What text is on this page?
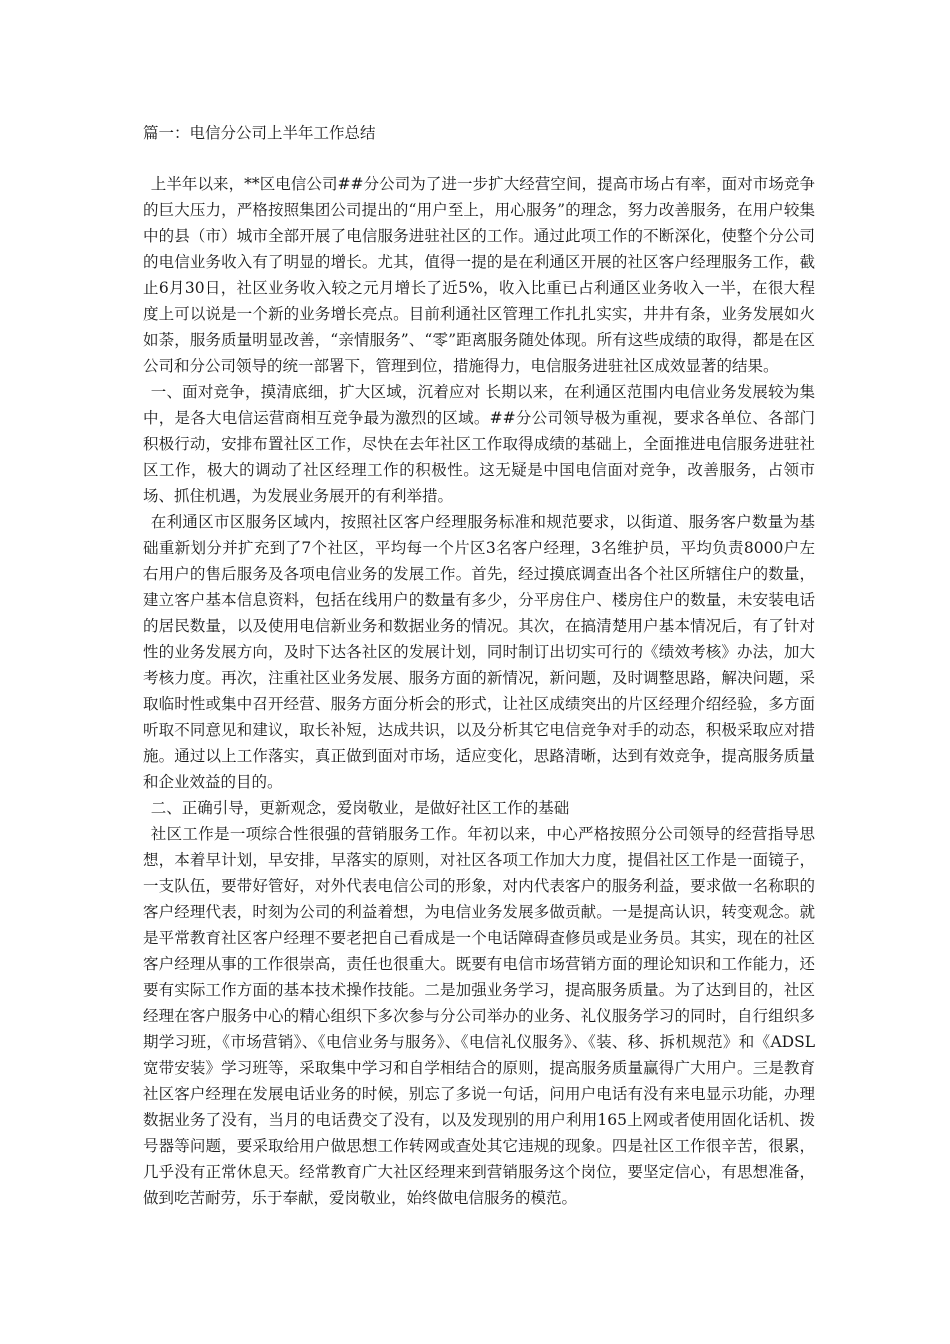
篇一：电信分公司上半年工作总结

上半年以来，**区电信公司##分公司为了进一步扩大经营空间，提高市场占有率，面对市场竞争的巨大压力，严格按照集团公司提出的“用户至上，用心服务”的理念，努力改善服务，在用户较集中的县（市）城市全部开展了电信服务进驻社区的工作。通过此项工作的不断深化，使整个分公司的电信业务收入有了明显的增长。尤其，值得一提的是在利通区开展的社区客户经理服务工作，截止6月30日，社区业务收入较之元月增长了近5%，收入比重已占利通区业务收入一半，在很大程度上可以说是一个新的业务增长亮点。目前利通社区管理工作扎扎实实，井井有条，业务发展如火如荼，服务质量明显改善，“亲情服务”、“零”距离服务随处体现。所有这些成绩的取得，都是在区公司和分公司领导的统一部署下，管理到位，措施得力，电信服务进驻社区成效显著的结果。

一、面对竞争，摸清底细，扩大区域，沉着应对 长期以来，在利通区范围内电信业务发展较为集中，是各大电信运营商相互竞争最为激烈的区域。##分公司领导极为重视，要求各单位、各部门积极行动，安排布置社区工作，尽快在去年社区工作取得成绩的基础上，全面推进电信服务进驻社区工作，极大的调动了社区经理工作的积极性。这无疑是中国电信面对竞争，改善服务，占领市场、抓住机遇，为发展业务展开的有利举措。

在利通区市区服务区域内，按照社区客户经理服务标准和规范要求，以街道、服务客户数量为基础重新划分并扩充到了7个社区，平均每一个片区3名客户经理，3名维护员，平均负责8000户左右用户的售后服务及各项电信业务的发展工作。首先，经过摸底调查出各个社区所辖住户的数量，建立客户基本信息资料，包括在线用户的数量有多少，分平房住户、楼房住户的数量，未安装电话的居民数量，以及使用电信新业务和数据业务的情况。其次，在搞清楚用户基本情况后，有了针对性的业务发展方向，及时下达各社区的发展计划，同时制订出切实可行的《绩效考核》办法，加大考核力度。再次，注重社区业务发展、服务方面的新情况，新问题，及时调整思路，解决问题，采取临时性或集中召开经营、服务方面分析会的形式，让社区成绩突出的片区经理介绍经验，多方面听取不同意见和建议，取长补短，达成共识，以及分析其它电信竞争对手的动态，积极采取应对措施。通过以上工作落实，真正做到面对市场，适应变化，思路清晰，达到有效竞争，提高服务质量和企业效益的目的。

二、正确引导，更新观念，爱岗敬业，是做好社区工作的基础

社区工作是一项综合性很强的营销服务工作。年初以来，中心严格按照分公司领导的经营指导思想，本着早计划，早安排，早落实的原则，对社区各项工作加大力度，提倡社区工作是一面镜子，一支队伍，要带好管好，对外代表电信公司的形象，对内代表客户的服务利益，要求做一名称职的客户经理代表，时刻为公司的利益着想，为电信业务发展多做贡献。一是提高认识，转变观念。就是平常教育社区客户经理不要老把自己看成是一个电话障碍查修员或是业务员。其实，现在的社区客户经理从事的工作很崇高，责任也很重大。既要有电信市场营销方面的理论知识和工作能力，还要有实际工作方面的基本技术操作技能。二是加强业务学习，提高服务质量。为了达到目的，社区经理在客户服务中心的精心组织下多次参与分公司举办的业务、礼仪服务学习的同时，自行组织多期学习班，《市场营销》、《电信业务与服务》、《电信礼仪服务》、《装、移、拆机规范》和《ADSL宽带安装》学习班等，采取集中学习和自学相结合的原则，提高服务质量赢得广大用户。三是教育社区客户经理在发展电话业务的时候，别忘了多说一句话，问用户电话有没有来电显示功能，办理数据业务了没有，当月的电话费交了没有，以及发现别的用户利用165上网或者使用固化话机、拨号器等问题，要采取给用户做思想工作转网或查处其它违规的现象。四是社区工作很辛苦，很累，几乎没有正常休息天。经常教育广大社区经理来到营销服务这个岗位，要坚定信心，有思想准备，做到吃苦耐劳，乐于奉献，爱岗敬业，始终做电信服务的模范。
